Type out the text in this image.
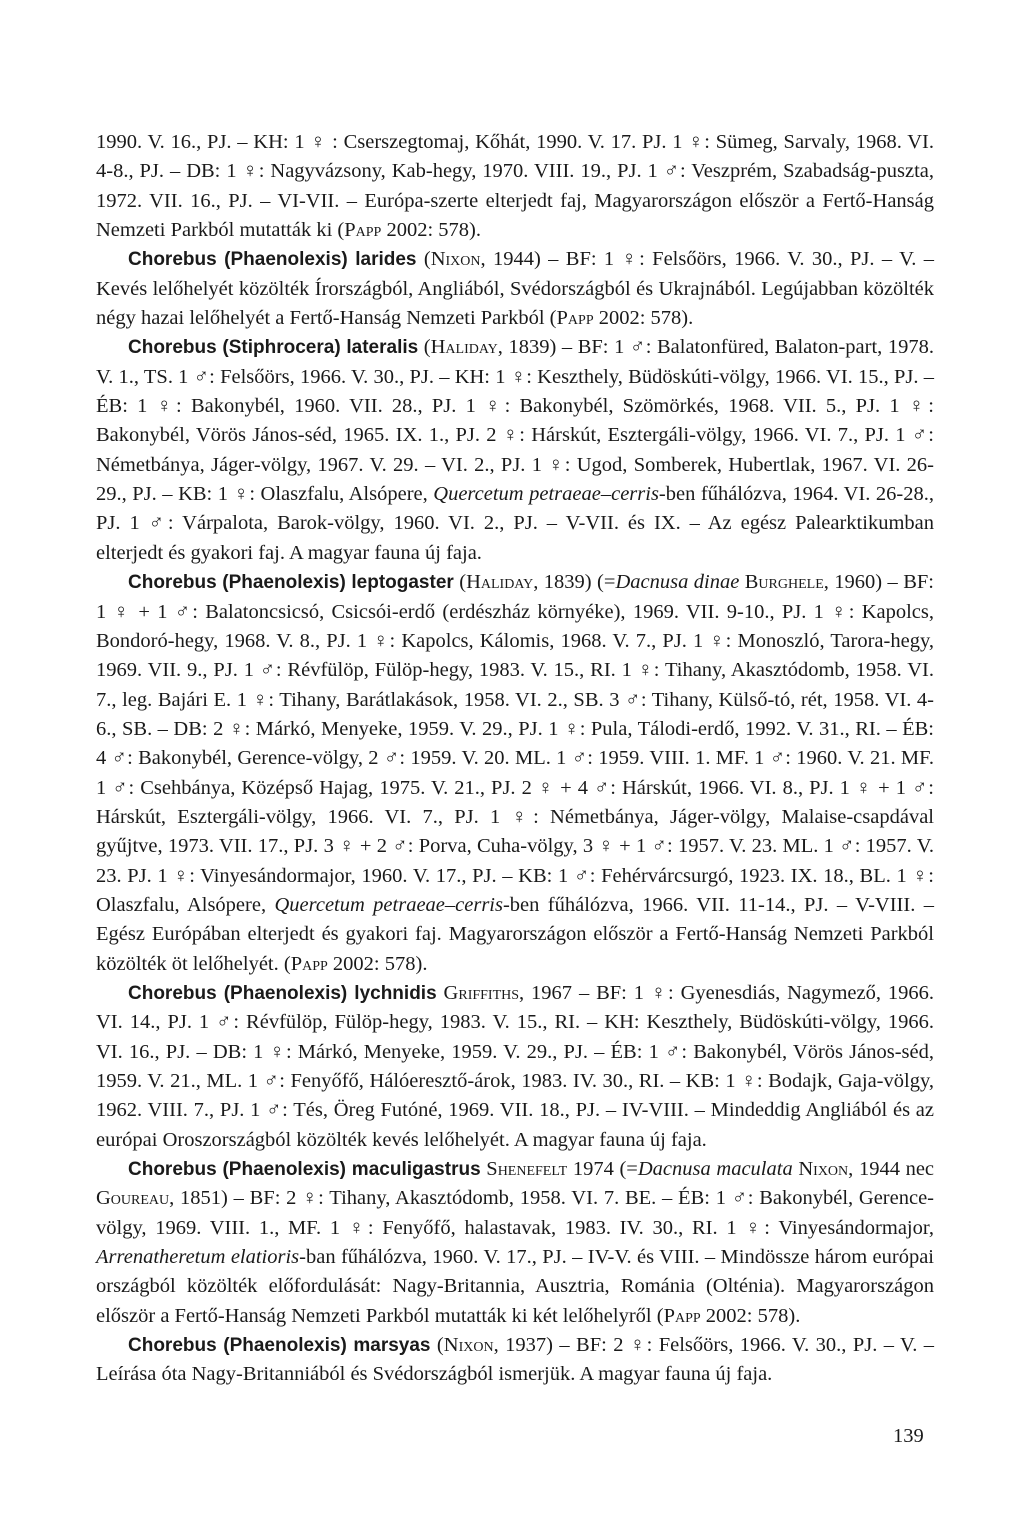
1990. V. 16., PJ. – KH: 1 ♀ : Cserszegtomaj, Kőhát, 1990. V. 17. PJ. 1 ♀: Sümeg, Sarvaly, 1968. VI. 4-8., PJ. – DB: 1 ♀: Nagyvázsony, Kab-hegy, 1970. VIII. 19., PJ. 1 ♂: Veszprém, Szabadság-puszta, 1972. VII. 16., PJ. – VI-VII. – Európa-szerte elterjedt faj, Magyarországon először a Fertő-Hanság Nemzeti Parkból mutatták ki (Papp 2002: 578).

Chorebus (Phaenolexis) larides (Nixon, 1944) – BF: 1 ♀: Felsőörs, 1966. V. 30., PJ. – V. – Kevés lelőhelyét közölték Írországból, Angliából, Svédországból és Ukrajnából. Legújabban közölték négy hazai lelőhelyét a Fertő-Hanság Nemzeti Parkból (Papp 2002: 578).

Chorebus (Stiphrocera) lateralis (Haliday, 1839) – BF: 1 ♂: Balatonfüred, Balaton-part, 1978. V. 1., TS. 1 ♂: Felsőörs, 1966. V. 30., PJ. – KH: 1 ♀: Keszthely, Büdöskúti-völgy, 1966. VI. 15., PJ. – ÉB: 1 ♀: Bakonybél, 1960. VII. 28., PJ. 1 ♀: Bakonybél, Szömörkés, 1968. VII. 5., PJ. 1 ♀: Bakonybél, Vörös János-séd, 1965. IX. 1., PJ. 2 ♀: Hárskút, Esztergáli-völgy, 1966. VI. 7., PJ. 1 ♂: Németbánya, Jáger-völgy, 1967. V. 29. – VI. 2., PJ. 1 ♀: Ugod, Somberek, Hubertlak, 1967. VI. 26-29., PJ. – KB: 1 ♀: Olaszfalu, Alsópere, Quercetum petraeae–cerris-ben fűhálózva, 1964. VI. 26-28., PJ. 1 ♂: Várpalota, Barok-völgy, 1960. VI. 2., PJ. – V-VII. és IX. – Az egész Palearktikumban elterjedt és gyakori faj. A magyar fauna új faja.

Chorebus (Phaenolexis) leptogaster (Haliday, 1839) (=Dacnusa dinae Burghele, 1960) – BF: 1 ♀ + 1 ♂: Balatoncsicsó, Csicsói-erdő (erdészház környéke), 1969. VII. 9-10., PJ. 1 ♀: Kapolcs, Bondoró-hegy, 1968. V. 8., PJ. 1 ♀: Kapolcs, Kálomis, 1968. V. 7., PJ. 1 ♀: Monoszló, Tarora-hegy, 1969. VII. 9., PJ. 1 ♂: Révfülöp, Fülöp-hegy, 1983. V. 15., RI. 1 ♀: Tihany, Akasztódomb, 1958. VI. 7., leg. Bajári E. 1 ♀: Tihany, Barátlakások, 1958. VI. 2., SB. 3 ♂: Tihany, Külső-tó, rét, 1958. VI. 4-6., SB. – DB: 2 ♀: Márkó, Menyeke, 1959. V. 29., PJ. 1 ♀: Pula, Tálodi-erdő, 1992. V. 31., RI. – ÉB: 4 ♂: Bakonybél, Gerence-völgy, 2 ♂: 1959. V. 20. ML. 1 ♂: 1959. VIII. 1. MF. 1 ♂: 1960. V. 21. MF. 1 ♂: Csehbánya, Középső Hajag, 1975. V. 21., PJ. 2 ♀ + 4 ♂: Hárskút, 1966. VI. 8., PJ. 1 ♀ + 1 ♂: Hárskút, Esztergáli-völgy, 1966. VI. 7., PJ. 1 ♀: Németbánya, Jáger-völgy, Malaise-csapdával gyűjtve, 1973. VII. 17., PJ. 3 ♀ + 2 ♂: Porva, Cuha-völgy, 3 ♀ + 1 ♂: 1957. V. 23. ML. 1 ♂: 1957. V. 23. PJ. 1 ♀: Vinyesándormajor, 1960. V. 17., PJ. – KB: 1 ♂: Fehérvárcsurgó, 1923. IX. 18., BL. 1 ♀: Olaszfalu, Alsópere, Quercetum petraeae–cerris-ben fűhálózva, 1966. VII. 11-14., PJ. – V-VIII. – Egész Európában elterjedt és gyakori faj. Magyarországon először a Fertő-Hanság Nemzeti Parkból közölték öt lelőhelyét. (Papp 2002: 578).

Chorebus (Phaenolexis) lychnidis Griffiths, 1967 – BF: 1 ♀: Gyenesdiás, Nagymező, 1966. VI. 14., PJ. 1 ♂: Révfülöp, Fülöp-hegy, 1983. V. 15., RI. – KH: Keszthely, Büdöskúti-völgy, 1966. VI. 16., PJ. – DB: 1 ♀: Márkó, Menyeke, 1959. V. 29., PJ. – ÉB: 1 ♂: Bakonybél, Vörös János-séd, 1959. V. 21., ML. 1 ♂: Fenyőfő, Hálóeresztő-árok, 1983. IV. 30., RI. – KB: 1 ♀: Bodajk, Gaja-völgy, 1962. VIII. 7., PJ. 1 ♂: Tés, Öreg Futóné, 1969. VII. 18., PJ. – IV-VIII. – Mindeddig Angliából és az európai Oroszországból közölték kevés lelőhelyét. A magyar fauna új faja.

Chorebus (Phaenolexis) maculigastrus Shenefelt 1974 (=Dacnusa maculata Nixon, 1944 nec Goureau, 1851) – BF: 2 ♀: Tihany, Akasztódomb, 1958. VI. 7. BE. – ÉB: 1 ♂: Bakonybél, Gerence-völgy, 1969. VIII. 1., MF. 1 ♀: Fenyőfő, halastavak, 1983. IV. 30., RI. 1 ♀: Vinyesándormajor, Arrenatheretum elatioris-ban fűhálózva, 1960. V. 17., PJ. – IV-V. és VIII. – Mindössze három európai országból közölték előfordulását: Nagy-Britannia, Ausztria, Románia (Olténia). Magyarországon először a Fertő-Hanság Nemzeti Parkból mutatták ki két lelőhelyről (Papp 2002: 578).

Chorebus (Phaenolexis) marsyas (Nixon, 1937) – BF: 2 ♀: Felsőörs, 1966. V. 30., PJ. – V. – Leírása óta Nagy-Britanniából és Svédországból ismerjük. A magyar fauna új faja.

139
